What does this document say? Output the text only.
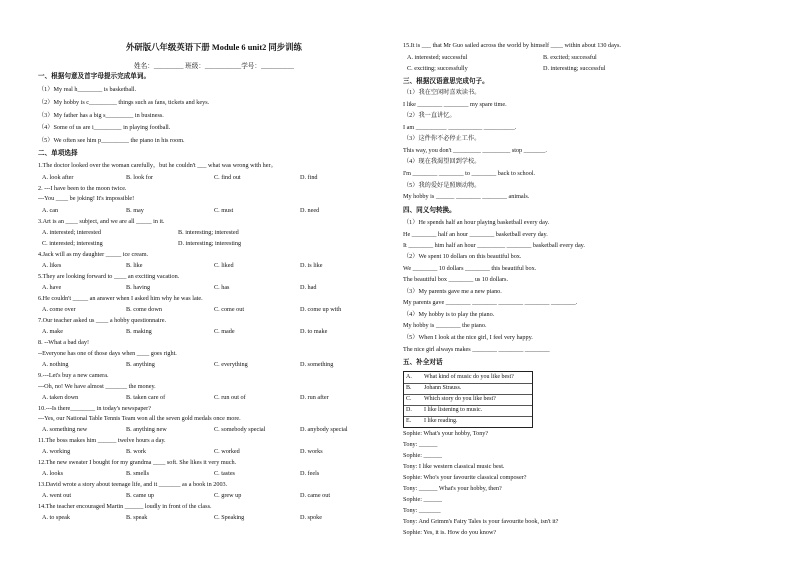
外研版八年级英语下册 Module 6 unit2 同步训练
姓名：_________ 班级：___________学号：__________
一、根据句意及首字母提示完成单词。
（1）My real h________ is basketball.
（2）My hobby is c_________ things such as fans, tickets and keys.
（3）My father has a big s_________ in business.
（4）Some of us are i_________ in playing football.
（5）We often see him p_________ the piano in his room.
二、单项选择
1.The doctor looked over the woman carefully，but he couldn't ___ what was wrong with her。
A. look after	B. look for	C. find out	D. find
2. ---I have been to the moon twice.
---You ____ be joking! It's impossible!
A. can	B. may	C. must	D. need
3.Art is an ____ subject, and we are all _____ in it.
A. interested; interested	B. interesting; interested
C. interested; interesting	D. interesting; interesting
4.Jack will as my daughter _____ ice cream.
A. likes	B. like	C. liked	D. is like
5.They are looking forward to ____ an exciting vacation.
A. have	B. having	C. has	D. had
6.He couldn't _____ an answer when I asked him why he was late.
A. come over	B. come down	C. come out	D. come up with
7.Our teacher asked us ____ a hobby questionnaire.
A. make	B. making	C. made	D. to make
8. --What a bad day!
--Everyone has one of those days when ____ goes right.
A. nothing	B. anything	C. everything	D. something
9.---Let's buy a new camera.
---Oh, no! We have almost _______ the money.
A. taken down	B. taken care of	C. run out of	D. run after
10.---Is there________ in today's newspaper?
---Yes, our National Table Tennis Team won all the seven gold medals once more.
A. something new	B. anything new	C. somebody special	D. anybody special
11.The boss makes him ______ twelve hours a day.
A. working	B. work	C. worked	D. works
12.The new sweater I bought for my grandma ____ soft. She likes it very much.
A. looks	B. smells	C. tastes	D. feels
13.David wrote a story about teenage life, and it _______ as a book in 2003.
A. went out	B. came up	C. grew up	D. came out
14.The teacher encouraged Martin ______ loudly in front of the class.
A. to speak	B. speak	C. Speaking	D. spoke
15.It is ___ that Mr Guo sailed across the world by himself ____ within about 130 days.
A. interested; successful	B. excited; successful
C. exciting; successfully	D. interesting; successful
三、根据汉语意思完成句子。
（1）我在空闲时喜欢读书。
I like ________ ________ my spare time.
（2）我一直讲忆。
I am __________ ___________ __________.
（3）这件你不必停止工作。
This way, you don't _________ _________ stop _______.
（4）现在我渴望回到学校。
I'm ________ ________ to ________ back to school.
（5）我的爱好是照顾动物。
My hobby is ______ ________ ________ animals.
四、同义句转换。
（1）He spends half an hour playing basketball every day.
He ________ half an hour ________ basketball every day.
It ________ him half an hour _________ ________ basketball every day.
（2）We spent 10 dollars on this beautiful box.
We ________ 10 dollars ________ this beautiful box.
The beautiful box ________ us 10 dollars.
（3）My parents gave me a new piano.
My parents gave ________ ________ ________ ________ ________.
（4）My hobby is to play the piano.
My hobby is ________ the piano.
（5）When I look at the nice girl, I feel very happy.
The nice girl always makes ________ ________ ________
五、补全对话
A. What kind of music do you like best?
B. Johann Strauss.
C. Which story do you like best?
D. I like listening to music.
E. I like reading.
Sophie: What's your hobby, Tony?
Tony: ______
Sophie: ______
Tony: I like western classical music best.
Sophie: Who's your favourite classical composer?
Tony: ______ What's your hobby, then?
Sophie: ______
Tony: _______
Tony: And Grimm's Fairy Tales is your favourite book, isn't it?
Sophie: Yes, it is. How do you know?
